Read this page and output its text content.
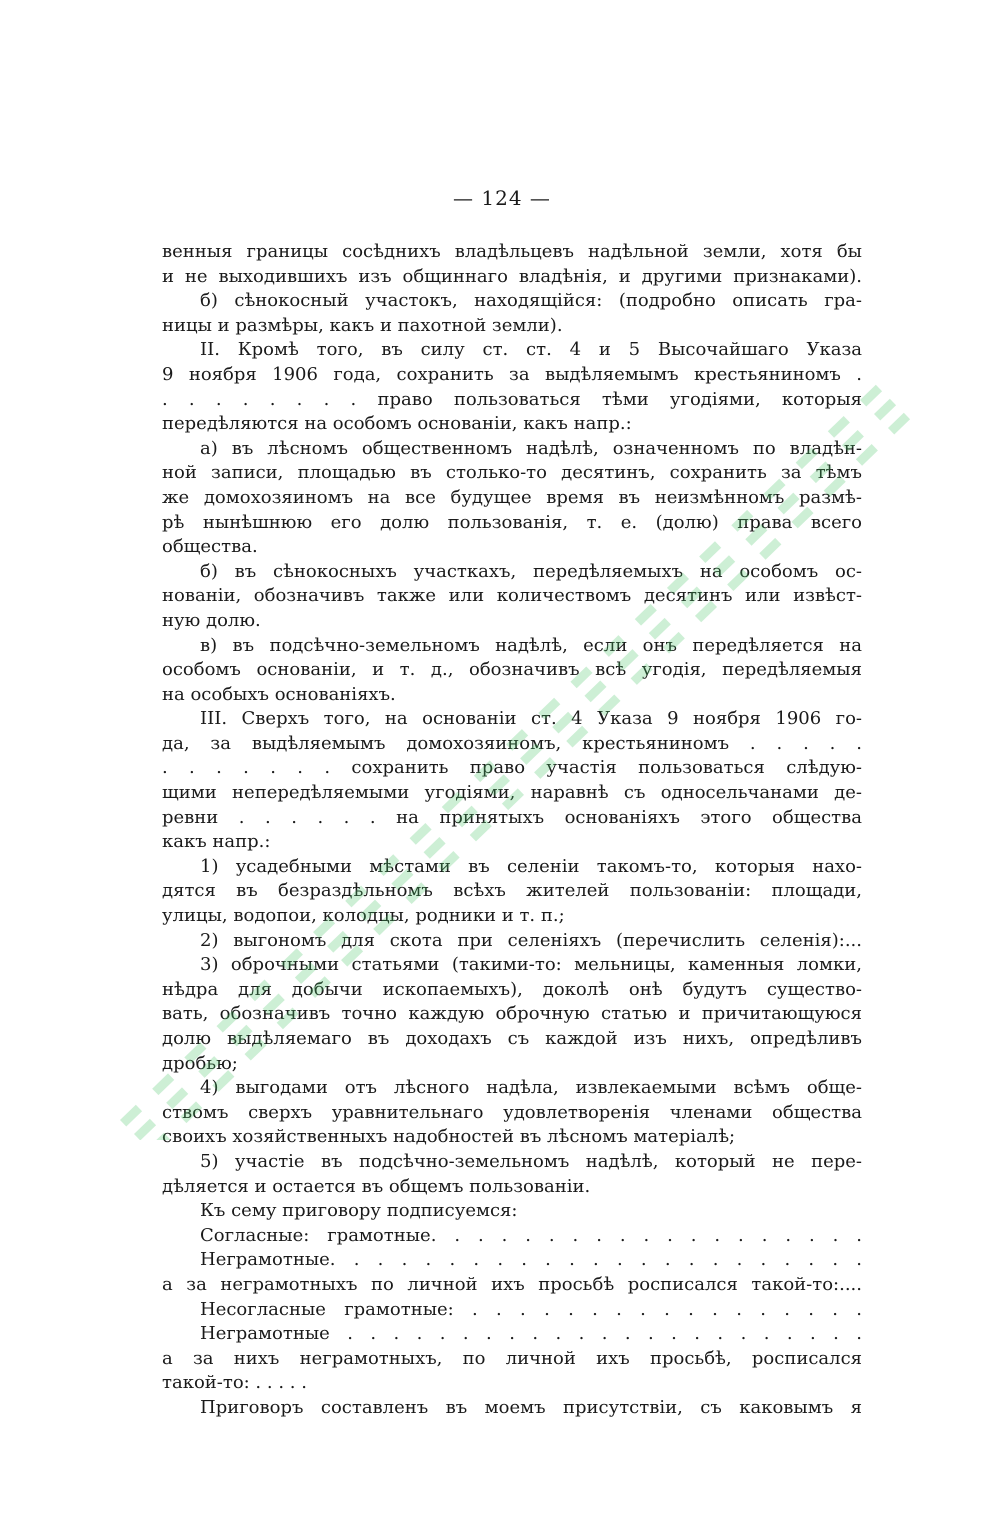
— 124 —
венныя границы сосѣднихъ владѣльцевъ надѣльной земли, хотя бы
и не выходившихъ изъ общиннаго владѣнія, и другими признаками).
б) сѣнокосный участокъ, находящійся: (подробно описать гра-
ницы и размѣры, какъ и пахотной земли).
II. Кромѣ того, въ силу ст. ст. 4 и 5 Высочайшаго Указа
9 ноября 1906 года, сохранить за выдѣляемымъ крестьяниномъ .
. . . . . . . . право пользоваться тѣми угодіями, которыя
передѣляются на особомъ основаніи, какъ напр.:
а) въ лѣсномъ общественномъ надѣлѣ, означенномъ по владѣн-
ной записи, площадью въ столько-то десятинъ, сохранить за тѣмъ
же домохозяиномъ на все будущее время въ неизмѣнномъ размѣ-
рѣ нынѣшнюю его долю пользованія, т. е. (долю) права всего
общества.
б) въ сѣнокосныхъ участкахъ, передѣляемыхъ на особомъ ос-
нованіи, обозначивъ также или количествомъ десятинъ или извѣст-
ную долю.
в) въ подсѣчно-земельномъ надѣлѣ, если онъ передѣляется на
особомъ основаніи, и т. д., обозначивъ всѣ угодія, передѣляемыя
на особыхъ основаніяхъ.
III. Сверхъ того, на основаніи ст. 4 Указа 9 ноября 1906 го-
да, за выдѣляемымъ домохозяиномъ, крестьяниномъ . . . . .
. . . . . . . сохранить право участія пользоваться слѣдую-
щими непередѣляемыми угодіями, наравнѣ съ односельчанами де-
ревни . . . . . . на принятыхъ основаніяхъ этого общества
какъ напр.:
1) усадебными мѣстами въ селеніи такомъ-то, которыя нахо-
дятся въ безраздѣльномъ всѣхъ жителей пользованіи: площади,
улицы, водопои, колодцы, родники и т. п.;
2) выгономъ для скота при селеніяхъ (перечислить селенія):...
3) оброчными статьями (такими-то: мельницы, каменныя ломки,
нѣдра для добычи ископаемыхъ), доколѣ онѣ будутъ существо-
вать, обозначивъ точно каждую оброчную статью и причитающуюся
долю выдѣляемаго въ доходахъ съ каждой изъ нихъ, опредѣливъ
дробью;
4) выгодами отъ лѣсного надѣла, извлекаемыми всѣмъ обще-
ствомъ сверхъ уравнительнаго удовлетворенія членами общества
своихъ хозяйственныхъ надобностей въ лѣсномъ матеріалѣ;
5) участіе въ подсѣчно-земельномъ надѣлѣ, который не пере-
дѣляется и остается въ общемъ пользованіи.
Къ сему приговору подписуемся:
Согласные: грамотные. . . . . . . . . . . . . . . . . . .
Неграмотные. . . . . . . . . . . . . . . . . . . . . . .
а за неграмотныхъ по личной ихъ просьбѣ росписался такой-то:....
Несогласные грамотные: . . . . . . . . . . . . . . . . .
Неграмотные . . . . . . . . . . . . . . . . . . . . . . .
а за нихъ неграмотныхъ, по личной ихъ просьбѣ, росписался
такой-то: . . . . .
Приговоръ составленъ въ моемъ присутствіи, съ каковымъ я
